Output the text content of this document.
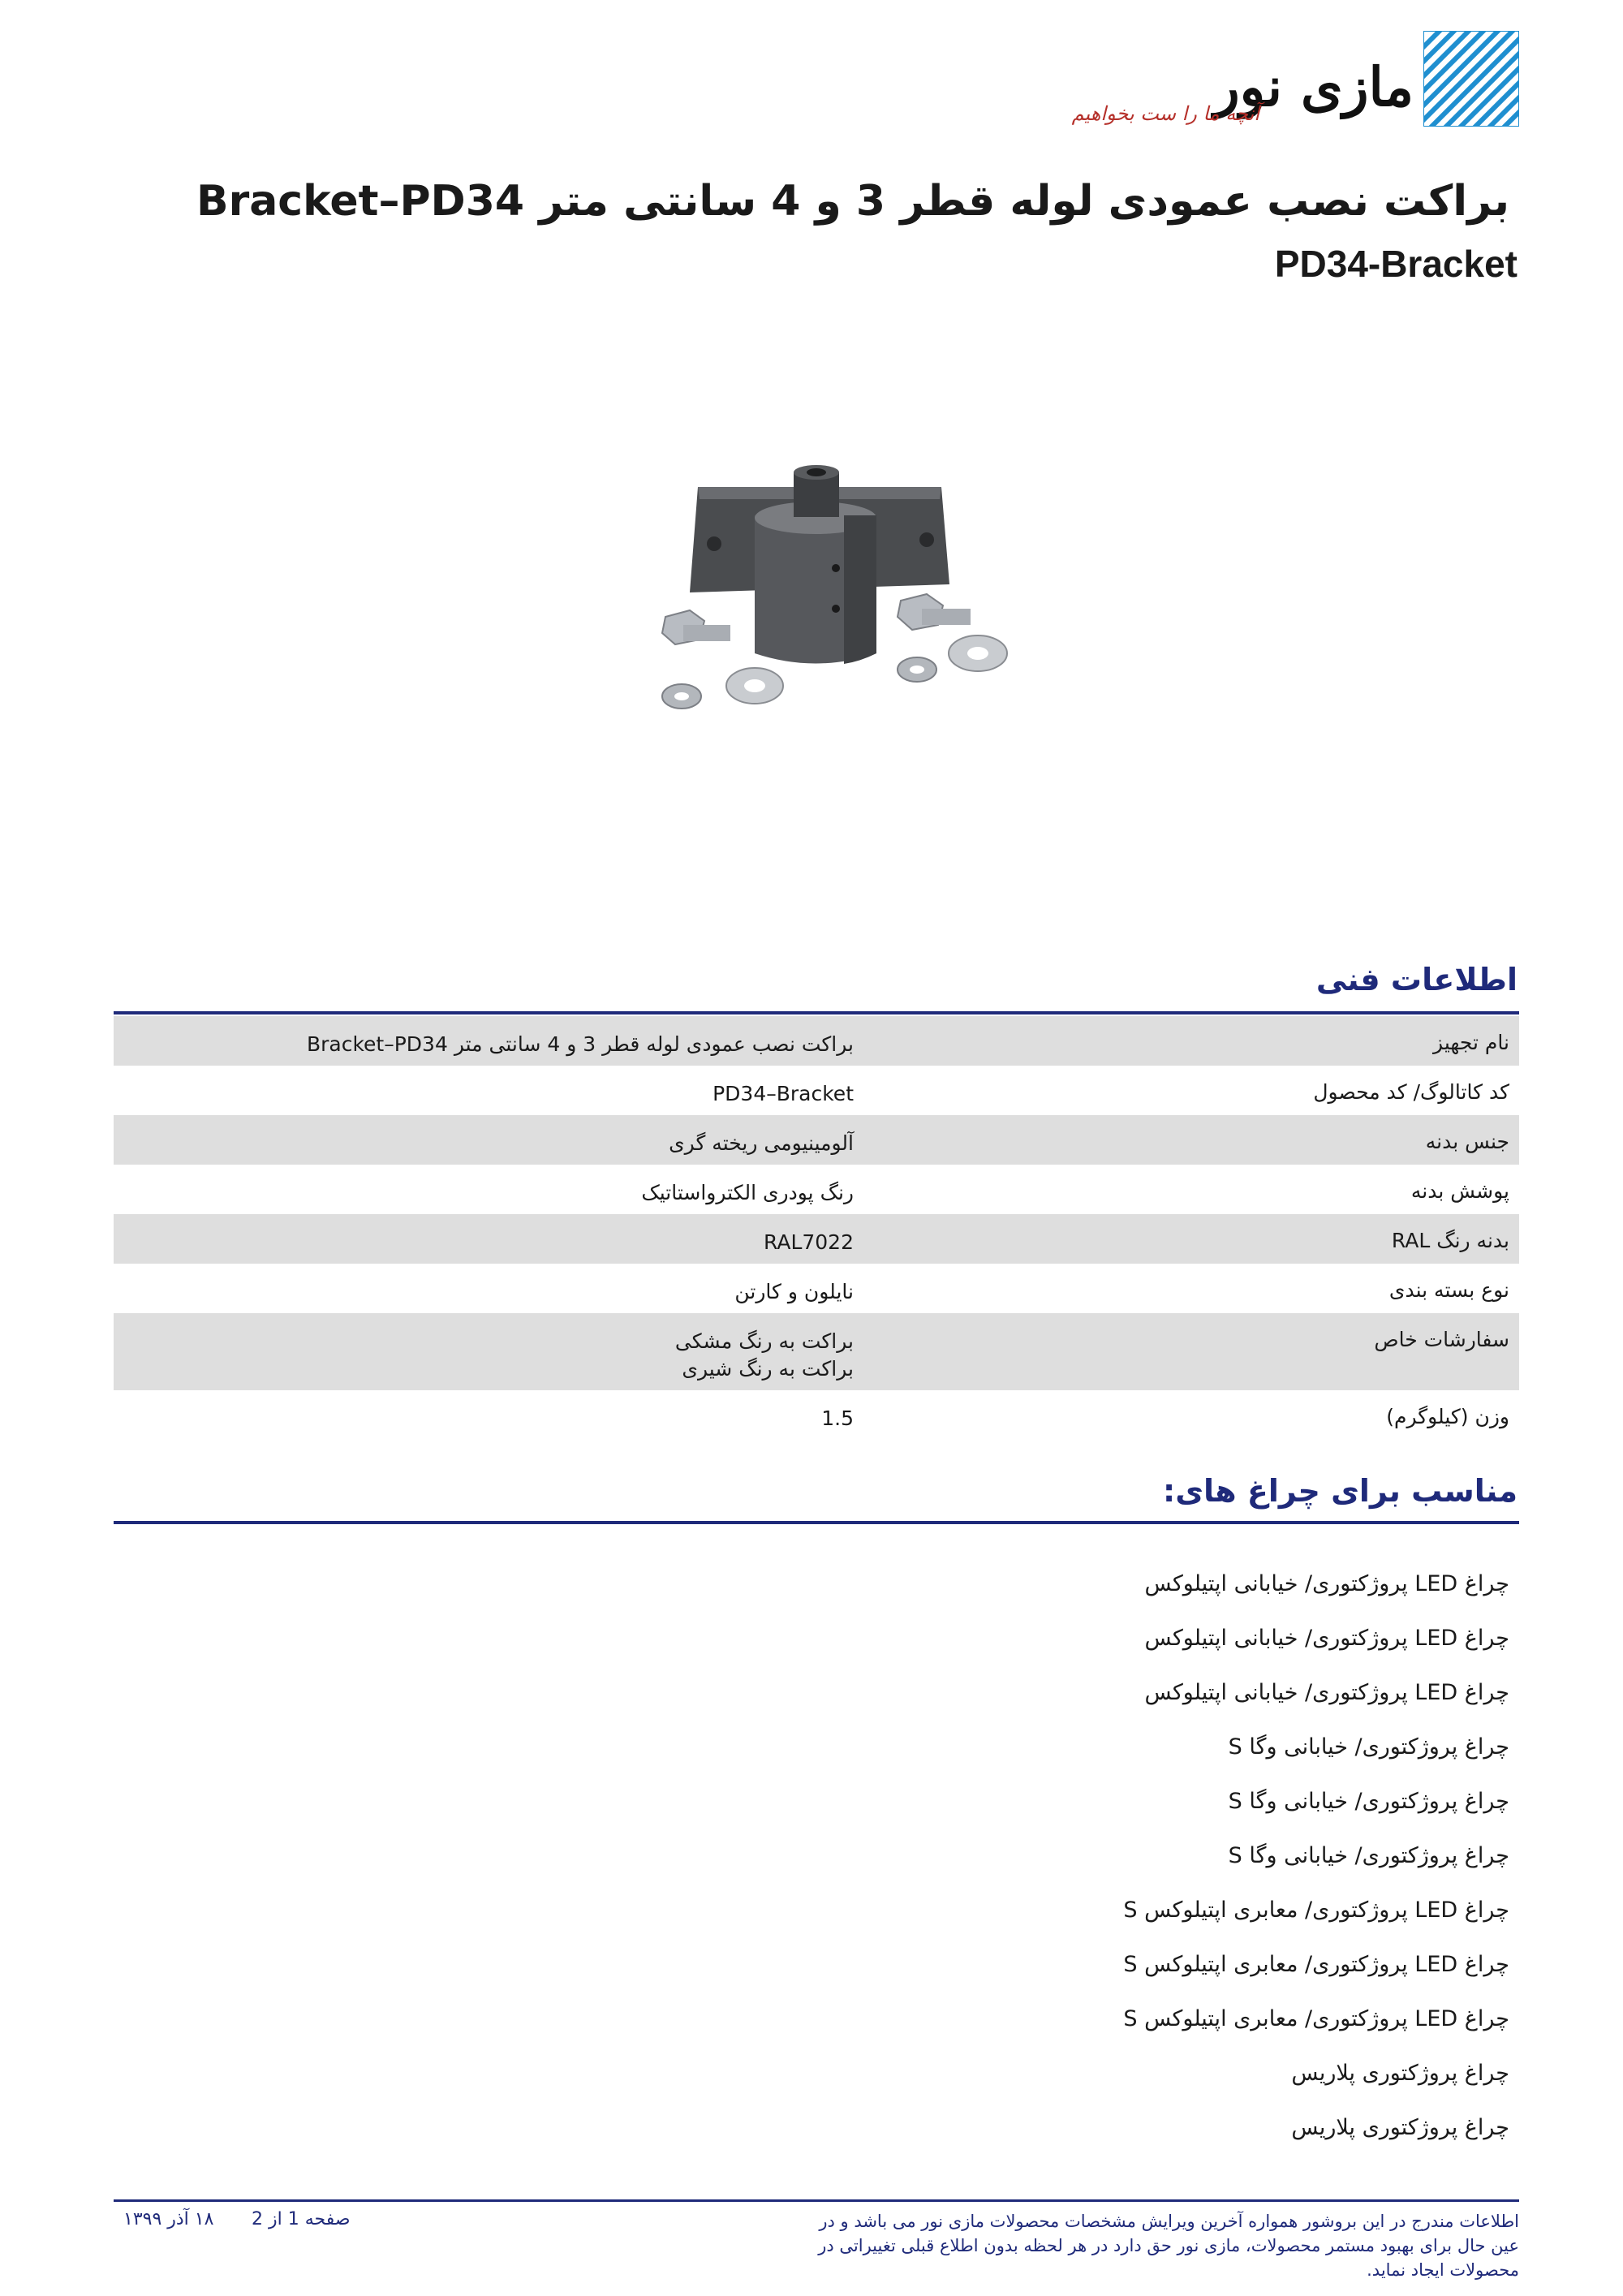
مازی نور
آنچه ما را ست بخواهیم
براکت نصب عمودی لوله قطر 3 و 4 سانتی متر Bracket–PD34
PD34-Bracket
اطلاعات فنی
نام تجهیز
براکت نصب عمودی لوله قطر 3 و 4 سانتی متر Bracket–PD34
کد کاتالوگ/ کد محصول
PD34–Bracket
جنس بدنه
آلومینیومی ریخته گری
پوشش بدنه
رنگ پودری الکترواستاتیک
بدنه رنگ RAL
RAL7022
نوع بسته بندی
نایلون و کارتن
سفارشات خاص
براکت به رنگ مشکی
براکت به رنگ شیری
وزن (کیلوگرم)
1.5
مناسب برای چراغ های:
چراغ LED پروژکتوری/ خیابانی اپتیلوکس
چراغ LED پروژکتوری/ خیابانی اپتیلوکس
چراغ LED پروژکتوری/ خیابانی اپتیلوکس
چراغ پروژکتوری/ خیابانی وگا S
چراغ پروژکتوری/ خیابانی وگا S
چراغ پروژکتوری/ خیابانی وگا S
چراغ LED پروژکتوری/ معابری اپتیلوکس S
چراغ LED پروژکتوری/ معابری اپتیلوکس S
چراغ LED پروژکتوری/ معابری اپتیلوکس S
چراغ پروژکتوری پلاریس
چراغ پروژکتوری پلاریس
اطلاعات مندرج در این بروشور همواره آخرین ویرایش مشخصات محصولات مازی نور می باشد و در عین حال برای بهبود مستمر محصولات، مازی نور حق دارد در هر لحظه بدون اطلاع قبلی تغییراتی در محصولات ایجاد نماید.
صفحه 1 از 2
۱۸ آذر ۱۳۹۹
